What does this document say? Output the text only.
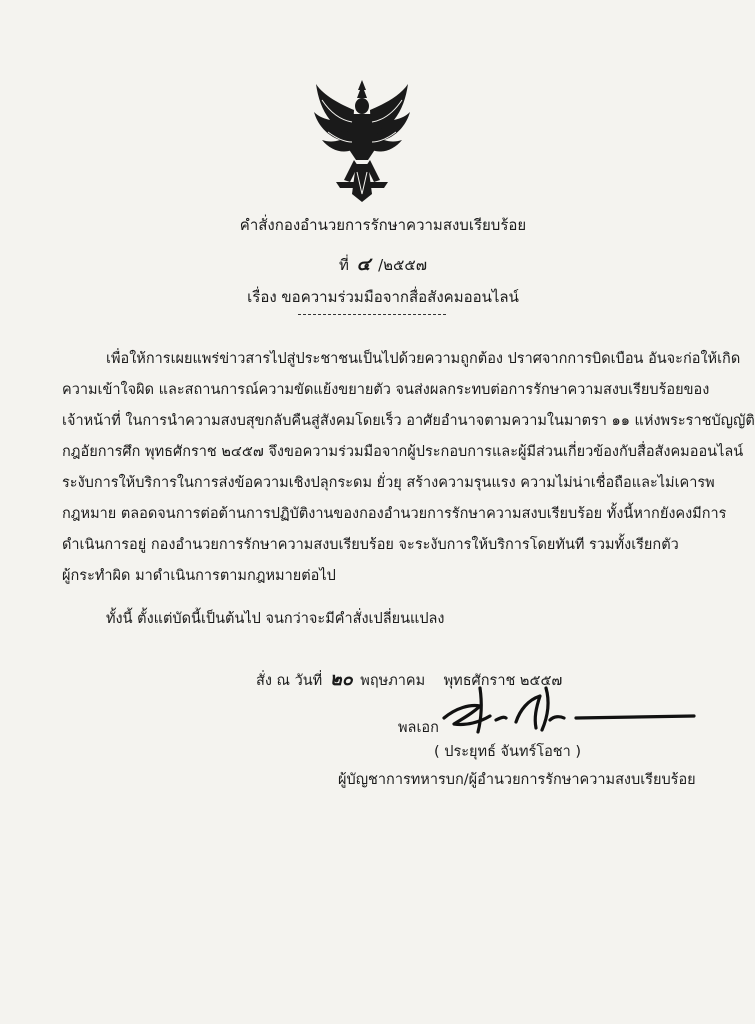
คำสั่งกองอำนวยการรักษาความสงบเรียบร้อย
ที่ ๔ /๒๕๕๗
เรื่อง ขอความร่วมมือจากสื่อสังคมออนไลน์
เพื่อให้การเผยแพร่ข่าวสารไปสู่ประชาชนเป็นไปด้วยความถูกต้อง ปราศจากการบิดเบือน อันจะก่อให้เกิด
ความเข้าใจผิด และสถานการณ์ความขัดแย้งขยายตัว จนส่งผลกระทบต่อการรักษาความสงบเรียบร้อยของ
เจ้าหน้าที่ ในการนำความสงบสุขกลับคืนสู่สังคมโดยเร็ว อาศัยอำนาจตามความในมาตรา ๑๑ แห่งพระราชบัญญัติ
กฎอัยการศึก พุทธศักราช ๒๔๕๗ จึงขอความร่วมมือจากผู้ประกอบการและผู้มีส่วนเกี่ยวข้องกับสื่อสังคมออนไลน์
ระงับการให้บริการในการส่งข้อความเชิงปลุกระดม ยั่วยุ สร้างความรุนแรง ความไม่น่าเชื่อถือและไม่เคารพ
กฎหมาย ตลอดจนการต่อต้านการปฏิบัติงานของกองอำนวยการรักษาความสงบเรียบร้อย ทั้งนี้หากยังคงมีการ
ดำเนินการอยู่ กองอำนวยการรักษาความสงบเรียบร้อย จะระงับการให้บริการโดยทันที รวมทั้งเรียกตัว
ผู้กระทำผิด มาดำเนินการตามกฎหมายต่อไป
ทั้งนี้ ตั้งแต่บัดนี้เป็นต้นไป จนกว่าจะมีคำสั่งเปลี่ยนแปลง
สั่ง ณ วันที่ ๒๐ พฤษภาคม พุทธศักราช ๒๕๕๗
พลเอก
( ประยุทธ์ จันทร์โอชา )
ผู้บัญชาการทหารบก/ผู้อำนวยการรักษาความสงบเรียบร้อย
